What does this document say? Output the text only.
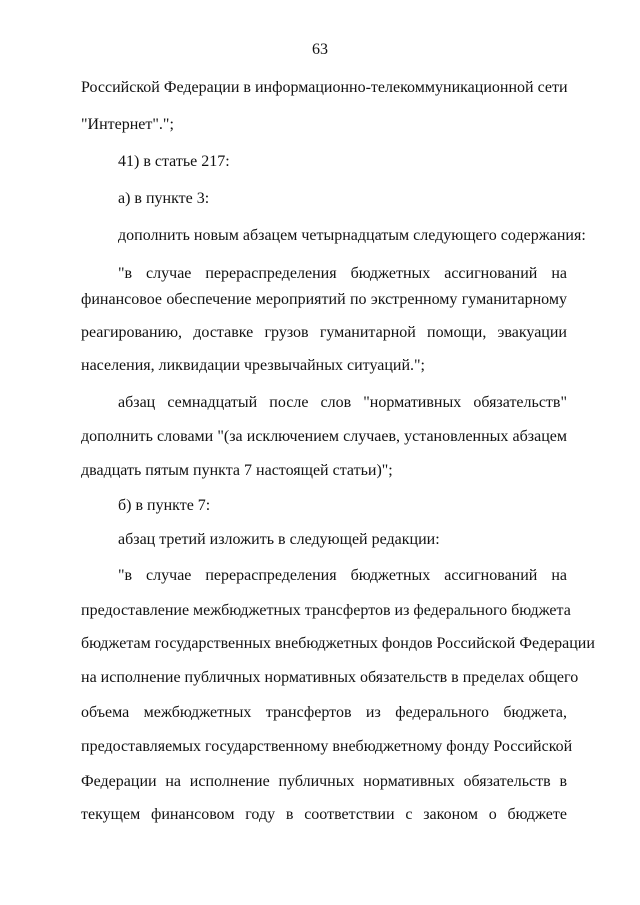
63
Российской Федерации в информационно-телекоммуникационной сети
"Интернет".";
41) в статье 217:
а) в пункте 3:
дополнить новым абзацем четырнадцатым следующего содержания:
"в случае перераспределения бюджетных ассигнований на
финансовое обеспечение мероприятий по экстренному гуманитарному
реагированию, доставке грузов гуманитарной помощи, эвакуации
населения, ликвидации чрезвычайных ситуаций.";
абзац семнадцатый после слов "нормативных обязательств"
дополнить словами "(за исключением случаев, установленных абзацем
двадцать пятым пункта 7 настоящей статьи)";
б) в пункте 7:
абзац третий изложить в следующей редакции:
"в случае перераспределения бюджетных ассигнований на
предоставление межбюджетных трансфертов из федерального бюджета
бюджетам государственных внебюджетных фондов Российской Федерации
на исполнение публичных нормативных обязательств в пределах общего
объема межбюджетных трансфертов из федерального бюджета,
предоставляемых государственному внебюджетному фонду Российской
Федерации на исполнение публичных нормативных обязательств в
текущем финансовом году в соответствии с законом о бюджете
